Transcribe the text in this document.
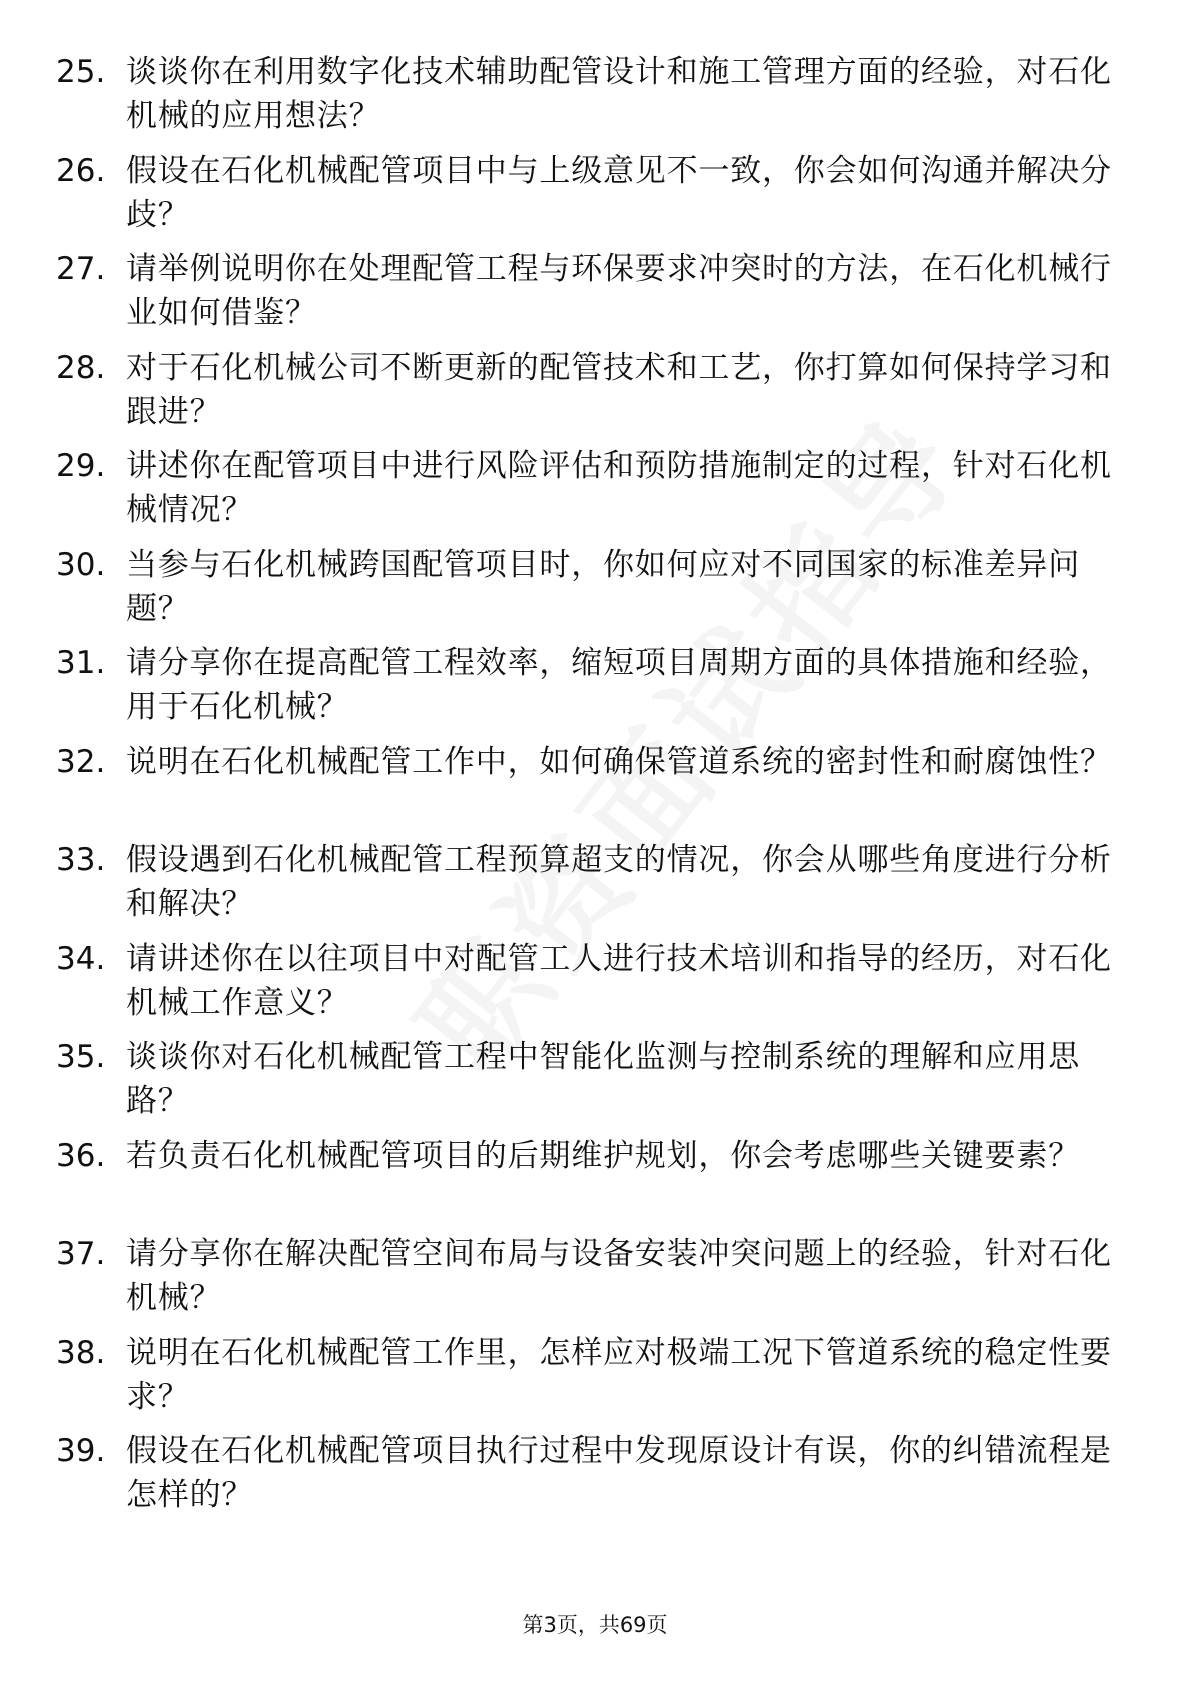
25. 谈谈你在利用数字化技术辅助配管设计和施工管理方面的经验，对石化机械的应用想法？
26. 假设在石化机械配管项目中与上级意见不一致，你会如何沟通并解决分歧？
27. 请举例说明你在处理配管工程与环保要求冲突时的方法，在石化机械行业如何借鉴？
28. 对于石化机械公司不断更新的配管技术和工艺，你打算如何保持学习和跟进？
29. 讲述你在配管项目中进行风险评估和预防措施制定的过程，针对石化机械情况？
30. 当参与石化机械跨国配管项目时，你如何应对不同国家的标准差异问题？
31. 请分享你在提高配管工程效率，缩短项目周期方面的具体措施和经验，用于石化机械？
32. 说明在石化机械配管工作中，如何确保管道系统的密封性和耐腐蚀性？
33. 假设遇到石化机械配管工程预算超支的情况，你会从哪些角度进行分析和解决？
34. 请讲述你在以往项目中对配管工人进行技术培训和指导的经历，对石化机械工作意义？
35. 谈谈你对石化机械配管工程中智能化监测与控制系统的理解和应用思路？
36. 若负责石化机械配管项目的后期维护规划，你会考虑哪些关键要素？
37. 请分享你在解决配管空间布局与设备安装冲突问题上的经验，针对石化机械？
38. 说明在石化机械配管工作里，怎样应对极端工况下管道系统的稳定性要求？
39. 假设在石化机械配管项目执行过程中发现原设计有误，你的纠错流程是怎样的？
第3页，共69页
